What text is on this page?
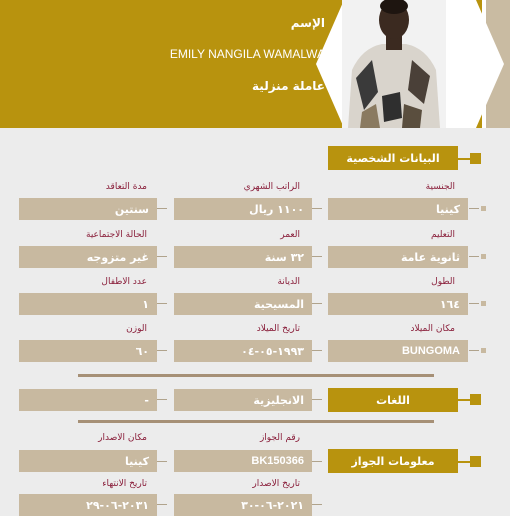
الإسم
EMILY NANGILA WAMALWA
عاملة منزلية
البيانات الشخصية
الجنسية
الراتب الشهري
مدة التعاقد
كينيا
١١٠٠ ريال
سنتين
التعليم
العمر
الحالة الاجتماعية
ثانوية عامة
٣٢ سنة
غير متزوجه
الطول
الديانة
عدد الاطفال
١٦٤
المسيحية
١
مكان الميلاد
تاريخ الميلاد
الوزن
BUNGOMA
١٩٩٣-٠٥-٠٤
٦٠
اللغات
الانجليزية
-
رقم الجواز
مكان الاصدار
معلومات الجواز
BK150366
كينيا
تاريخ الاصدار
تاريخ الانتهاء
٢٠٢١-٠٦-٣٠
٢٠٣١-٠٦-٢٩
